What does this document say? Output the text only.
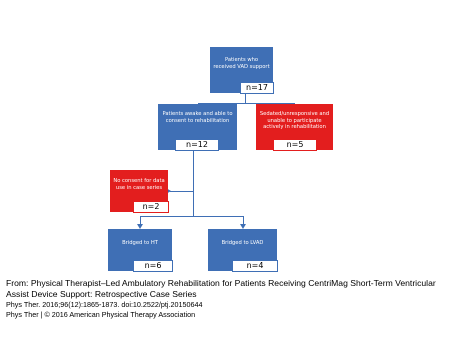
Patients who received VAD support
n=17
Patients awake and able to consent to rehabilitation
n=12
Sedated/unresponsive and unable to participate actively in rehabilitation
n=5
No consent for data use in case series
n=2
Bridged to HT
n=6
Bridged to LVAD
n=4
From: Physical Therapist–Led Ambulatory Rehabilitation for Patients Receiving CentriMag Short-Term Ventricular Assist Device Support: Retrospective Case Series
Phys Ther. 2016;96(12):1865-1873. doi:10.2522/ptj.20150644
Phys Ther | © 2016 American Physical Therapy Association
